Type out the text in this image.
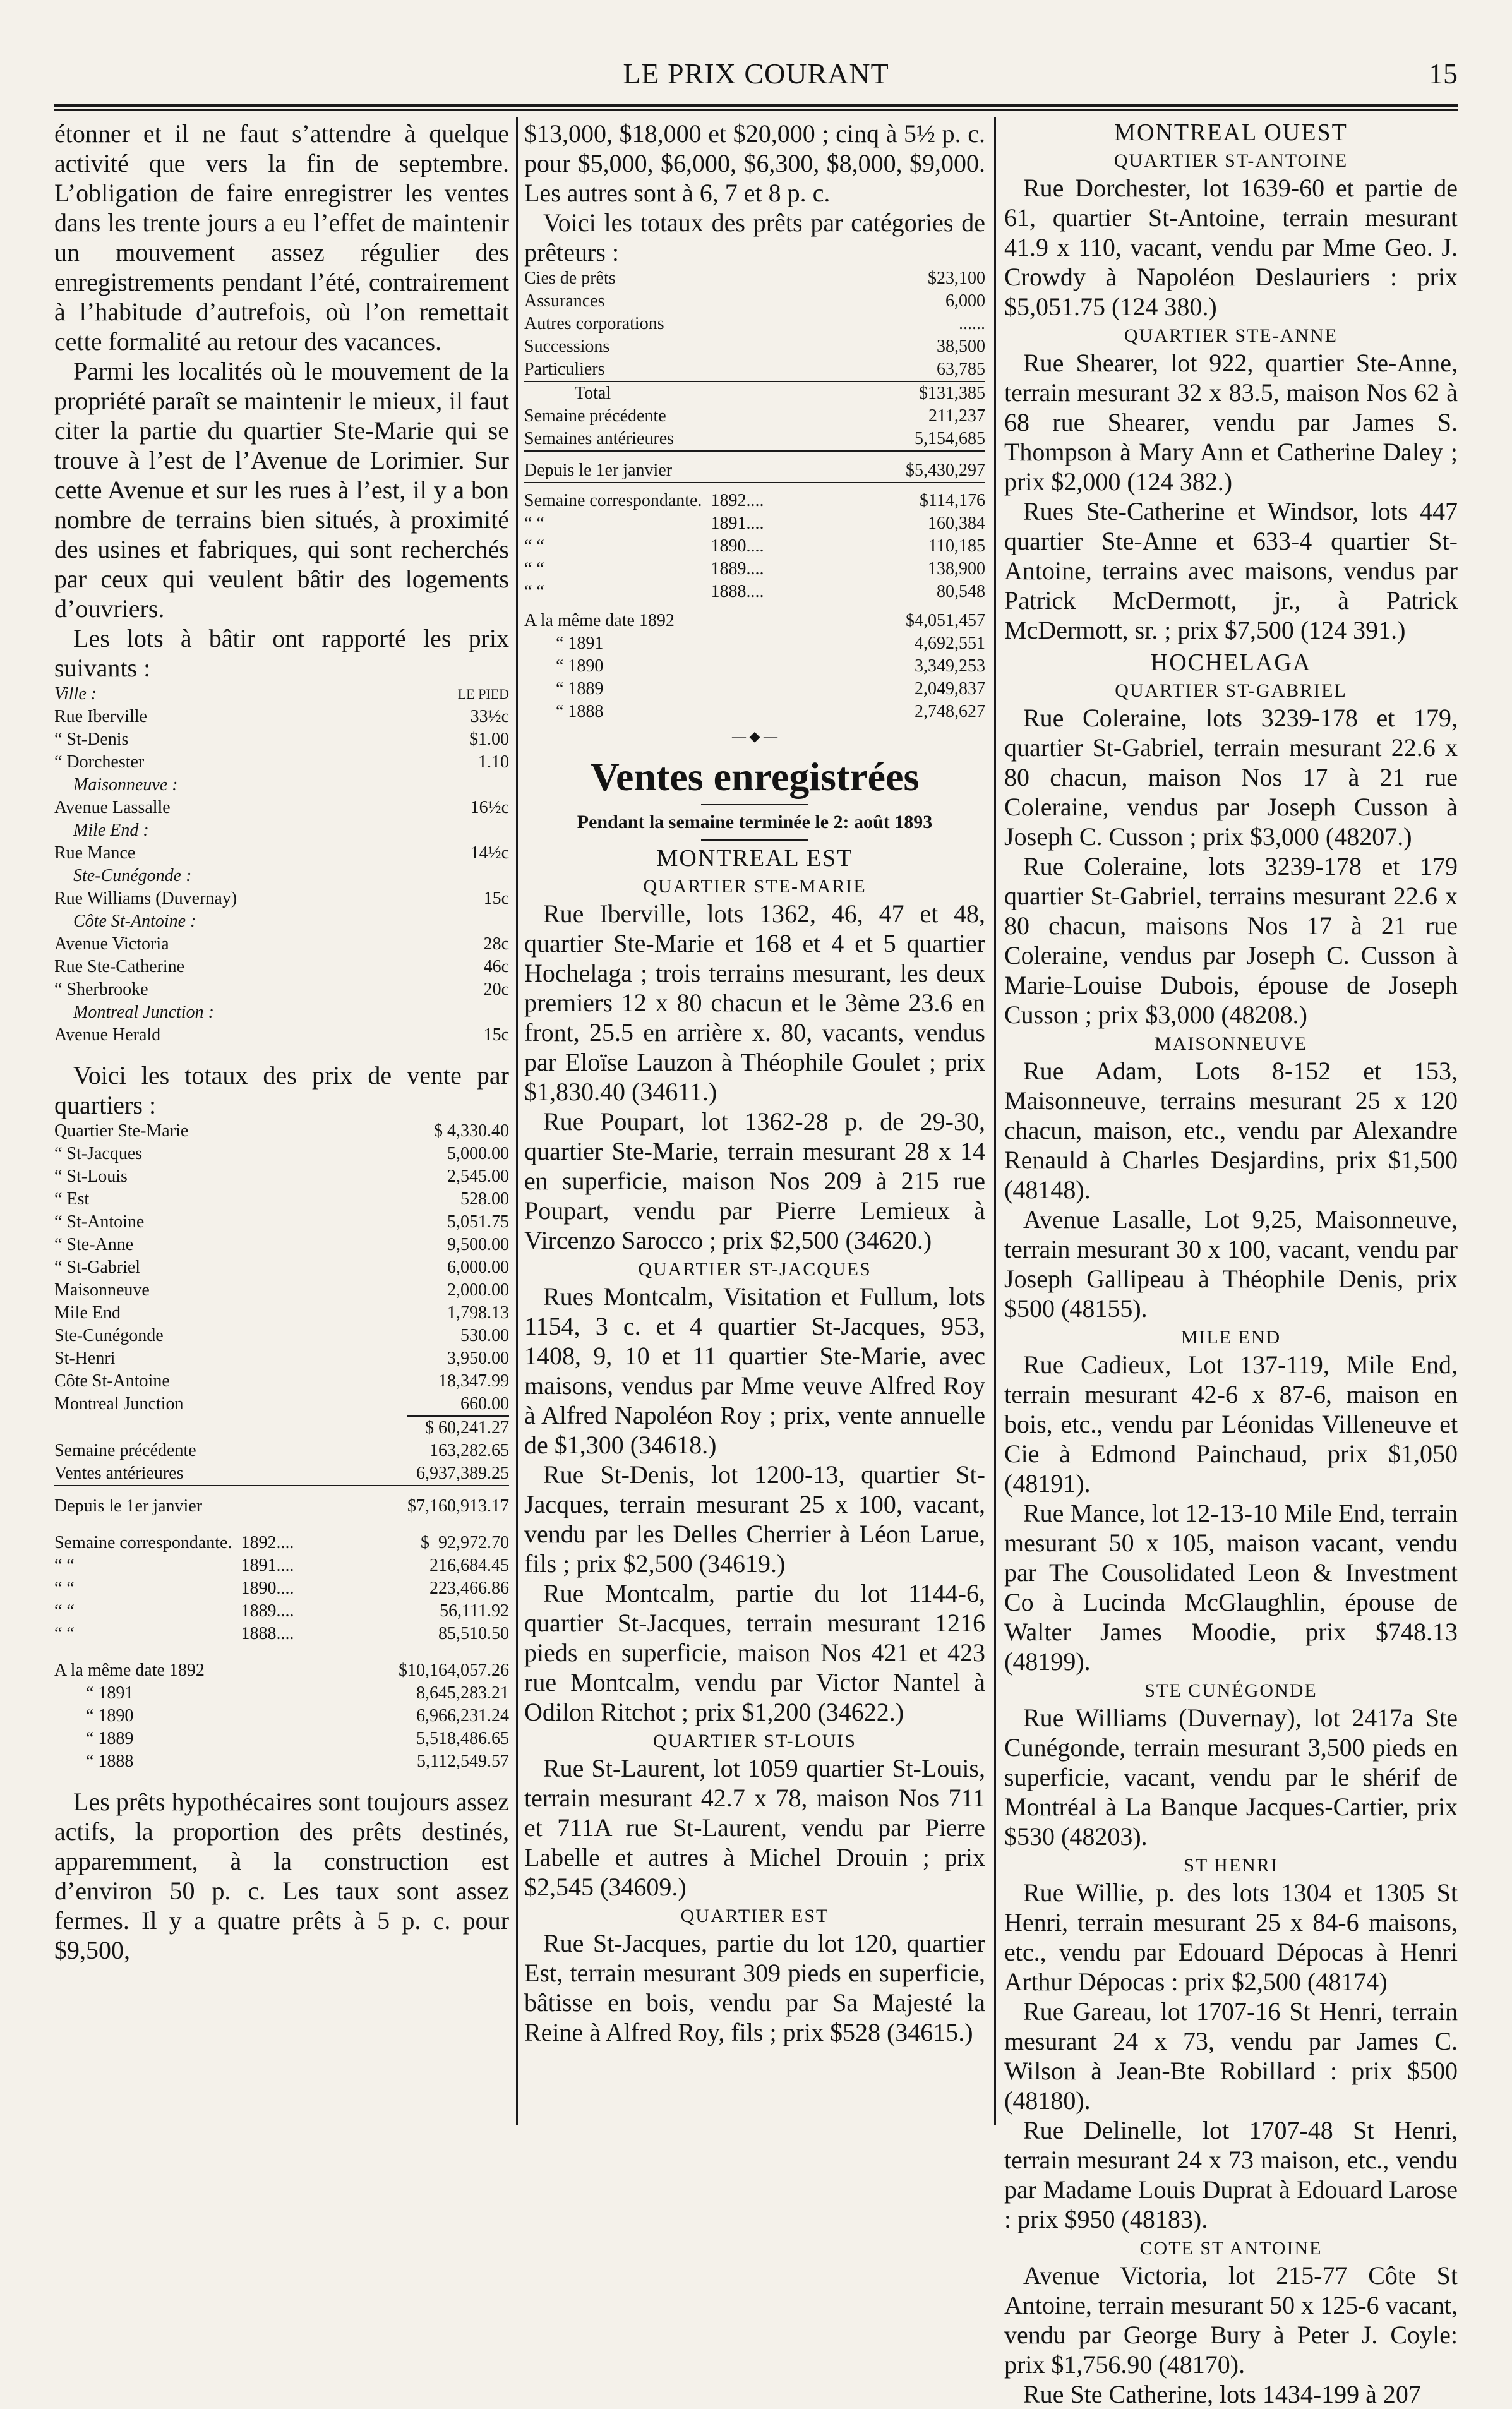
LE PRIX COURANT	15

étonner et il ne faut s’attendre à quelque activité que vers la fin de septembre. L’obligation de faire enregistrer les ventes dans les trente jours a eu l’effet de maintenir un mouvement assez régulier des enregistrements pendant l’été, contrairement à l’habitude d’autrefois, où l’on remettait cette formalité au retour des vacances.

Parmi les localités où le mouvement de la propriété paraît se maintenir le mieux, il faut citer la partie du quartier Ste-Marie qui se trouve à l’est de l’Avenue de Lorimier. Sur cette Avenue et sur les rues à l’est, il y a bon nombre de terrains bien situés, à proximité des usines et fabriques, qui sont recherchés par ceux qui veulent bâtir des logements d’ouvriers.

Les lots à bâtir ont rapporté les prix suivants :

Ville :		LE PIED
Rue Iberville		33½c
“ St-Denis		$1.00
“ Dorchester		1.10
Maisonneuve :		
Avenue Lassalle		16½c
Mile End :		
Rue Mance		14½c
Ste-Cunégonde :		
Rue Williams (Duvernay)		15c
Côte St-Antoine :		
Avenue Victoria		28c
Rue Ste-Catherine		46c
“ Sherbrooke		20c
Montreal Junction :		
Avenue Herald		15c

Voici les totaux des prix de vente par quartiers :

Quartier Ste-Marie	$ 4,330.40
“ St-Jacques	5,000.00
“ St-Louis	2,545.00
“ Est	528.00
“ St-Antoine	5,051.75
“ Ste-Anne	9,500.00
“ St-Gabriel	6,000.00
Maisonneuve	2,000.00
Mile End	1,798.13
Ste-Cunégonde	530.00
St-Henri	3,950.00
Côte St-Antoine	18,347.99
Montreal Junction	660.00
	$ 60,241.27
Semaine précédente	163,282.65
Ventes antérieures	6,937,389.25
Depuis le 1er janvier	$7,160,913.17
Semaine correspondante.	1892....	$	92,972.70
“ “	1891....		216,684.45
“ “	1890....		223,466.86
“ “	1889....		56,111.92
“ “	1888....		85,510.50
A la même date 1892	$10,164,057.26
“ 1891	8,645,283.21
“ 1890	6,966,231.24
“ 1889	5,518,486.65
“ 1888	5,112,549.57

Les prêts hypothécaires sont toujours assez actifs, la proportion des prêts destinés, apparemment, à la construction est d’environ 50 p. c. Les taux sont assez fermes. Il y a quatre prêts à 5 p. c. pour $9,500,

$13,000, $18,000 et $20,000 ; cinq à 5½ p. c. pour $5,000, $6,000, $6,300, $8,000, $9,000. Les autres sont à 6, 7 et 8 p. c.

Voici les totaux des prêts par catégories de prêteurs :

Cies de prêts	$23,100
Assurances	6,000
Autres corporations	......
Successions	38,500
Particuliers	63,785
Total	$131,385
Semaine précédente	211,237
Semaines antérieures	5,154,685
Depuis le 1er janvier	$5,430,297
Semaine correspondante.	1892....	$114,176
“ “	1891....	160,384
“ “	1890....	110,185
“ “	1889....	138,900
“ “	1888....	80,548
A la même date 1892	$4,051,457
“ 1891	4,692,551
“ 1890	3,349,253
“ 1889	2,049,837
“ 1888	2,748,627
— ◆ —
Ventes enregistrées
Pendant la semaine terminée le 2: août 1893
MONTREAL EST
QUARTIER STE-MARIE

Rue Iberville, lots 1362, 46, 47 et 48, quartier Ste-Marie et 168 et 4 et 5 quartier Hochelaga ; trois terrains mesurant, les deux premiers 12 x 80 chacun et le 3ème 23.6 en front, 25.5 en arrière x. 80, vacants, vendus par Eloïse Lauzon à Théophile Goulet ; prix $1,830.40 (34611.)

Rue Poupart, lot 1362-28 p. de 29-30, quartier Ste-Marie, terrain mesurant 28 x 14 en superficie, maison Nos 209 à 215 rue Poupart, vendu par Pierre Lemieux à Vircenzo Sarocco ; prix $2,500 (34620.)

QUARTIER ST-JACQUES

Rues Montcalm, Visitation et Fullum, lots 1154, 3 c. et 4 quartier St-Jacques, 953, 1408, 9, 10 et 11 quartier Ste-Marie, avec maisons, vendus par Mme veuve Alfred Roy à Alfred Napoléon Roy ; prix, vente annuelle de $1,300 (34618.)

Rue St-Denis, lot 1200-13, quartier St-Jacques, terrain mesurant 25 x 100, vacant, vendu par les Delles Cherrier à Léon Larue, fils ; prix $2,500 (34619.)

Rue Montcalm, partie du lot 1144-6, quartier St-Jacques, terrain mesurant 1216 pieds en superficie, maison Nos 421 et 423 rue Montcalm, vendu par Victor Nantel à Odilon Ritchot ; prix $1,200 (34622.)

QUARTIER ST-LOUIS

Rue St-Laurent, lot 1059 quartier St-Louis, terrain mesurant 42.7 x 78, maison Nos 711 et 711A rue St-Laurent, vendu par Pierre Labelle et autres à Michel Drouin ; prix $2,545 (34609.)

QUARTIER EST

Rue St-Jacques, partie du lot 120, quartier Est, terrain mesurant 309 pieds en superficie, bâtisse en bois, vendu par Sa Majesté la Reine à Alfred Roy, fils ; prix $528 (34615.)

MONTREAL OUEST
QUARTIER ST-ANTOINE

Rue Dorchester, lot 1639-60 et partie de 61, quartier St-Antoine, terrain mesurant 41.9 x 110, vacant, vendu par Mme Geo. J. Crowdy à Napoléon Deslauriers : prix $5,051.75 (124 380.)

QUARTIER STE-ANNE

Rue Shearer, lot 922, quartier Ste-Anne, terrain mesurant 32 x 83.5, maison Nos 62 à 68 rue Shearer, vendu par James S. Thompson à Mary Ann et Catherine Daley ; prix $2,000 (124 382.)

Rues Ste-Catherine et Windsor, lots 447 quartier Ste-Anne et 633-4 quartier St-Antoine, terrains avec maisons, vendus par Patrick McDermott, jr., à Patrick McDermott, sr. ; prix $7,500 (124 391.)

HOCHELAGA
QUARTIER ST-GABRIEL

Rue Coleraine, lots 3239-178 et 179, quartier St-Gabriel, terrain mesurant 22.6 x 80 chacun, maison Nos 17 à 21 rue Coleraine, vendus par Joseph Cusson à Joseph C. Cusson ; prix $3,000 (48207.)

Rue Coleraine, lots 3239-178 et 179 quartier St-Gabriel, terrains mesurant 22.6 x 80 chacun, maisons Nos 17 à 21 rue Coleraine, vendus par Joseph C. Cusson à Marie-Louise Dubois, épouse de Joseph Cusson ; prix $3,000 (48208.)

MAISONNEUVE

Rue Adam, Lots 8-152 et 153, Maisonneuve, terrains mesurant 25 x 120 chacun, maison, etc., vendu par Alexandre Renauld à Charles Desjardins, prix $1,500 (48148).

Avenue Lasalle, Lot 9,25, Maisonneuve, terrain mesurant 30 x 100, vacant, vendu par Joseph Gallipeau à Théophile Denis, prix $500 (48155).

MILE END

Rue Cadieux, Lot 137-119, Mile End, terrain mesurant 42-6 x 87-6, maison en bois, etc., vendu par Léonidas Villeneuve et Cie à Edmond Painchaud, prix $1,050 (48191).

Rue Mance, lot 12-13-10 Mile End, terrain mesurant 50 x 105, maison vacant, vendu par The Cousolidated Leon & Investment Co à Lucinda McGlaughlin, épouse de Walter James Moodie, prix $748.13 (48199).

STE CUNÉGONDE

Rue Williams (Duvernay), lot 2417a Ste Cunégonde, terrain mesurant 3,500 pieds en superficie, vacant, vendu par le shérif de Montréal à La Banque Jacques-Cartier, prix $530 (48203).

ST HENRI

Rue Willie, p. des lots 1304 et 1305 St Henri, terrain mesurant 25 x 84-6 maisons, etc., vendu par Edouard Dépocas à Henri Arthur Dépocas : prix $2,500 (48174)

Rue Gareau, lot 1707-16 St Henri, terrain mesurant 24 x 73, vendu par James C. Wilson à Jean-Bte Robillard : prix $500 (48180).

Rue Delinelle, lot 1707-48 St Henri, terrain mesurant 24 x 73 maison, etc., vendu par Madame Louis Duprat à Edouard Larose : prix $950 (48183).

COTE ST ANTOINE

Avenue Victoria, lot 215-77 Côte St Antoine, terrain mesurant 50 x 125-6 vacant, vendu par George Bury à Peter J. Coyle: prix $1,756.90 (48170).

Rue Ste Catherine, lots 1434-199 à 207
